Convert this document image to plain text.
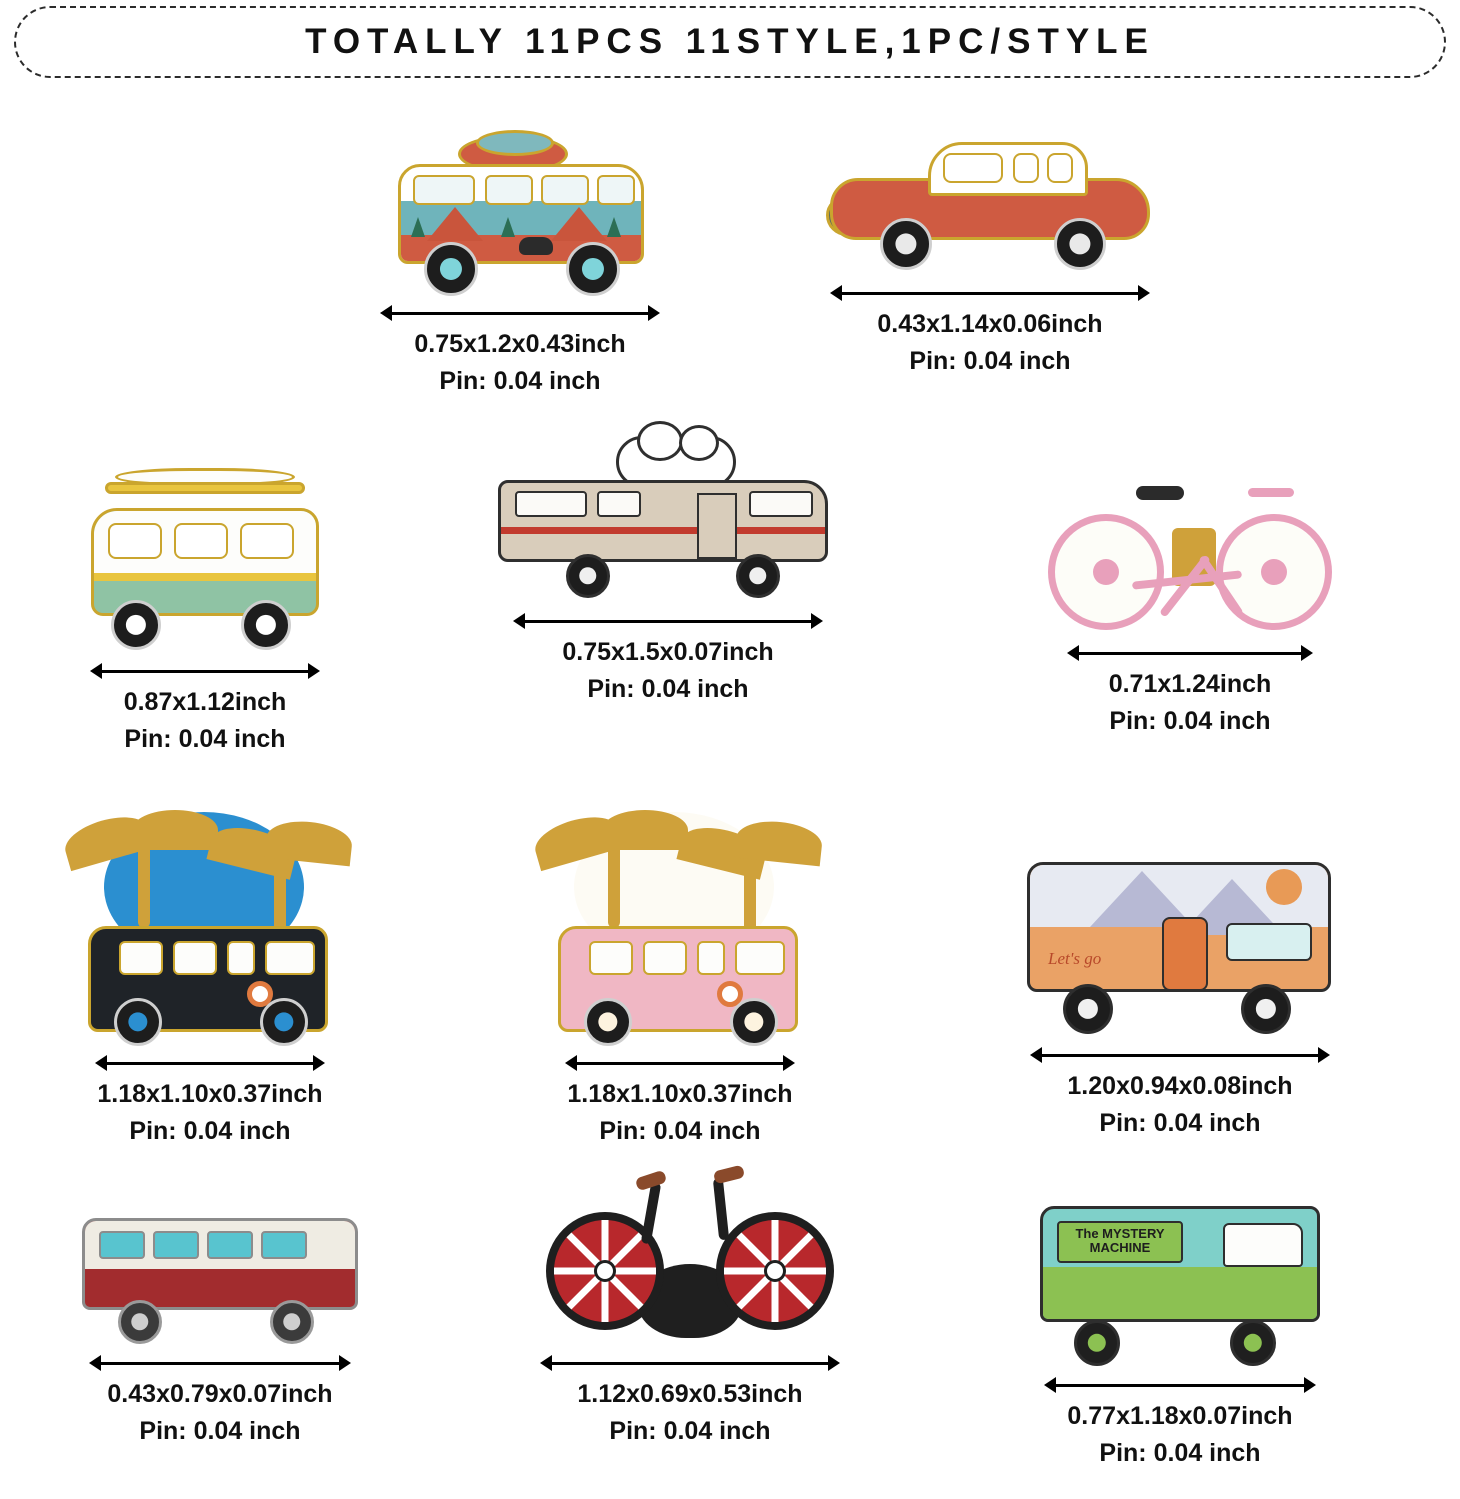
TOTALLY 11PCS 11STYLE,1PC/STYLE
0.75x1.2x0.43inch
Pin: 0.04 inch
0.43x1.14x0.06inch
Pin: 0.04 inch
0.87x1.12inch
Pin: 0.04 inch
0.75x1.5x0.07inch
Pin: 0.04 inch	0.71x1.24inch
Pin: 0.04 inch
1.18x1.10x0.37inch
Pin: 0.04 inch
1.18x1.10x0.37inch
Pin: 0.04 inch
Let's go
1.20x0.94x0.08inch
Pin: 0.04 inch
0.43x0.79x0.07inch
Pin: 0.04 inch
1.12x0.69x0.53inch
Pin: 0.04 inch
The MYSTERY
MACHINE
0.77x1.18x0.07inch
Pin: 0.04 inch
